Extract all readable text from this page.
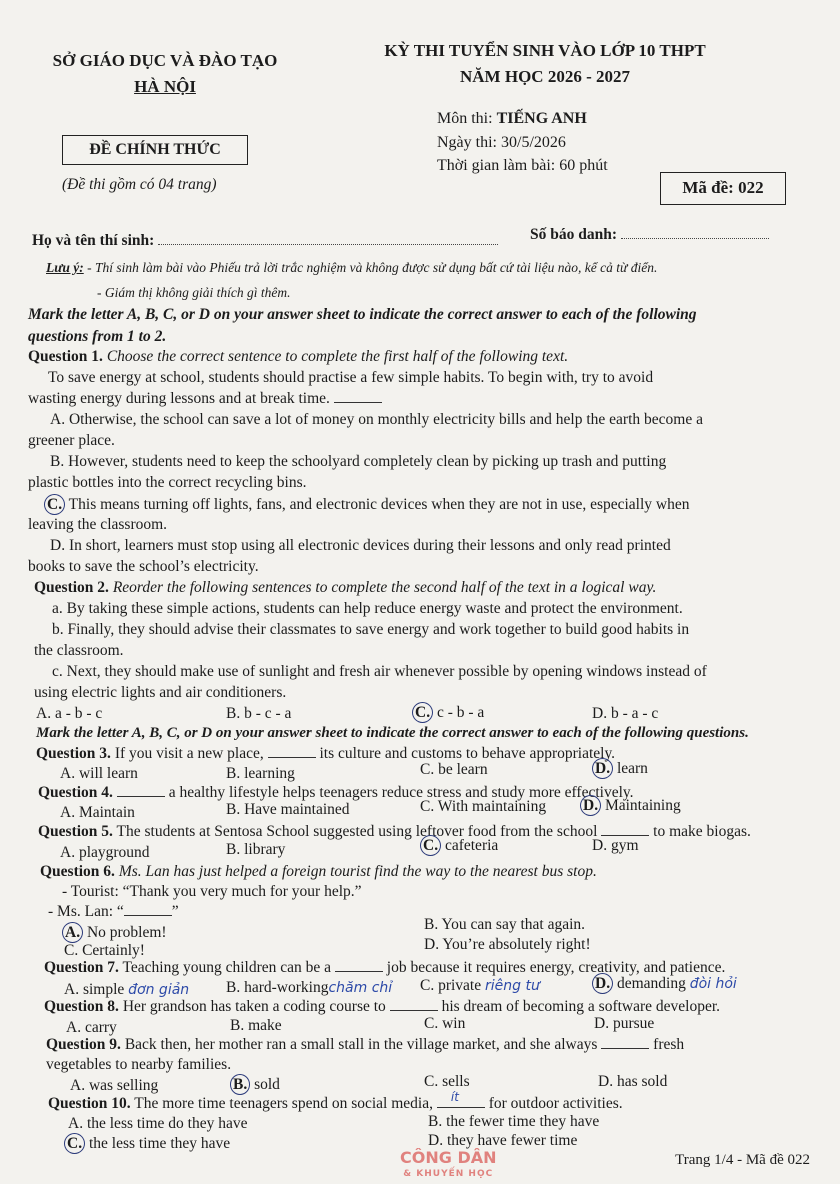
SỞ GIÁO DỤC VÀ ĐÀO TẠO
HÀ NỘI
KỲ THI TUYỂN SINH VÀO LỚP 10 THPT
NĂM HỌC 2026 - 2027
ĐỀ CHÍNH THỨC
(Đề thi gồm có 04 trang)
Môn thi: TIẾNG ANH
Ngày thi: 30/5/2026
Thời gian làm bài: 60 phút
Mã đề: 022
Họ và tên thí sinh:	Số báo danh:
Lưu ý: - Thí sinh làm bài vào Phiếu trả lời trắc nghiệm và không được sử dụng bất cứ tài liệu nào, kể cả từ điển.
- Giám thị không giải thích gì thêm.
Mark the letter A, B, C, or D on your answer sheet to indicate the correct answer to each of the following
questions from 1 to 2.
Question 1. Choose the correct sentence to complete the first half of the following text.
To save energy at school, students should practise a few simple habits. To begin with, try to avoid
wasting energy during lessons and at break time.
A. Otherwise, the school can save a lot of money on monthly electricity bills and help the earth become a
greener place.
B. However, students need to keep the schoolyard completely clean by picking up trash and putting
plastic bottles into the correct recycling bins.
C. This means turning off lights, fans, and electronic devices when they are not in use, especially when
leaving the classroom.
D. In short, learners must stop using all electronic devices during their lessons and only read printed
books to save the school’s electricity.
Question 2. Reorder the following sentences to complete the second half of the text in a logical way.
a. By taking these simple actions, students can help reduce energy waste and protect the environment.
b. Finally, they should advise their classmates to save energy and work together to build good habits in
the classroom.
c. Next, they should make use of sunlight and fresh air whenever possible by opening windows instead of
using electric lights and air conditioners.
A. a - b - c	B. b - c - a	C. c - b - a	D. b - a - c
Mark the letter A, B, C, or D on your answer sheet to indicate the correct answer to each of the following questions.
Question 3. If you visit a new place,	its culture and customs to behave appropriately.
A. will learn	B. learning	C. be learn	D. learn
Question 4.	a healthy lifestyle helps teenagers reduce stress and study more effectively.
A. Maintain	B. Have maintained	C. With maintaining D. Maintaining
Question 5. The students at Sentosa School suggested using leftover food from the school	to make biogas.
A. playground	B. library	C. cafeteria	D. gym
Question 6. Ms. Lan has just helped a foreign tourist find the way to the nearest bus stop.
- Tourist: “Thank you very much for your help.”
- Ms. Lan: “	”
A. No problem!	B. You can say that again.
C. Certainly!	D. You’re absolutely right!
Question 7. Teaching young children can be a	job because it requires energy, creativity, and patience.
A. simple đơn giản B. hard-workingchăm chỉ C. private riêng tư	D. demanding đòi hỏi
Question 8. Her grandson has taken a coding course to	his dream of becoming a software developer.
A. carry	B. make	C. win	D. pursue
Question 9. Back then, her mother ran a small stall in the village market, and she always	fresh
vegetables to nearby families.
A. was selling	B. sold	C. sells	D. has sold
Question 10. The more time teenagers spend on social media, ít for outdoor activities.
A. the less time do they have	B. the fewer time they have
C. the less time they have	D. they have fewer time
CÔNG DÂN
& KHUYẾN HỌC
Trang 1/4 - Mã đề 022
